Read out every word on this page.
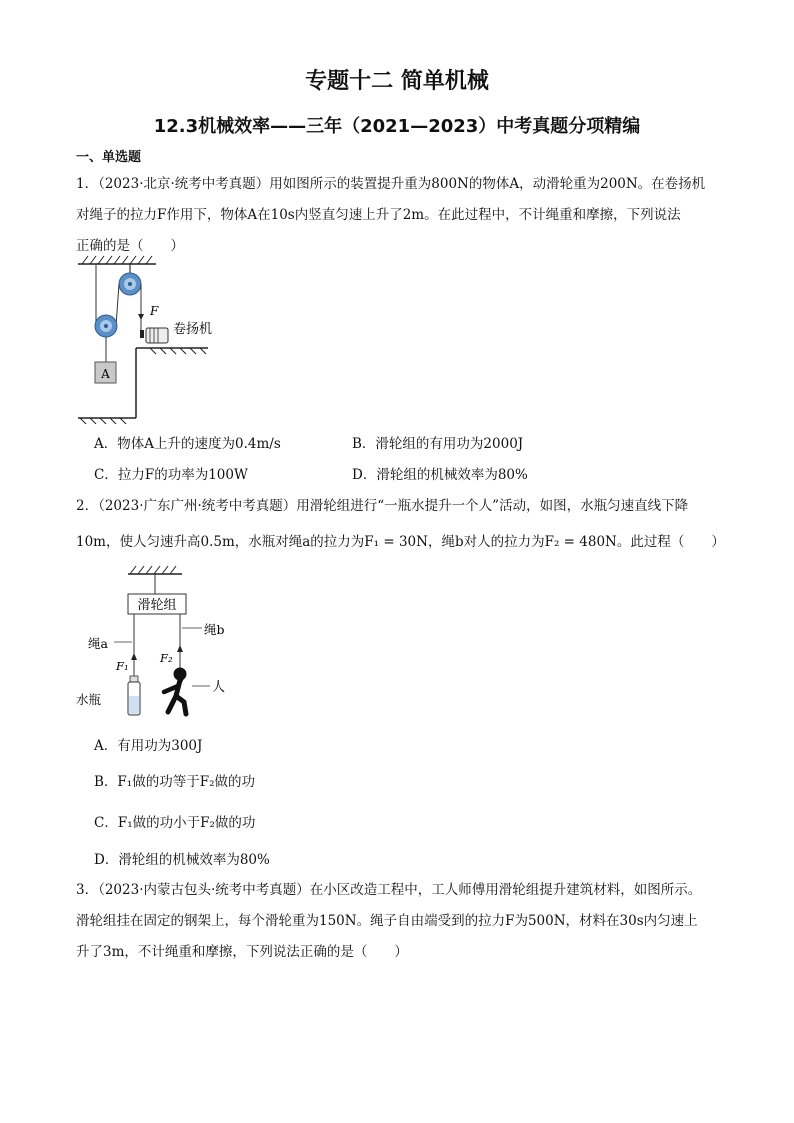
专题十二 简单机械
12.3机械效率——三年（2021—2023）中考真题分项精编
一、单选题
1．（2023·北京·统考中考真题）用如图所示的装置提升重为800N的物体A，动滑轮重为200N。在卷扬机
对绳子的拉力F作用下，物体A在10s内竖直匀速上升了2m。在此过程中，不计绳重和摩擦，下列说法
正确的是（　　）
A
F
卷扬机
A．物体A上升的速度为0.4m/s	B．滑轮组的有用功为2000J
C．拉力F的功率为100W	D．滑轮组的机械效率为80%
2．（2023·广东广州·统考中考真题）用滑轮组进行“一瓶水提升一个人”活动，如图，水瓶匀速直线下降
10m，使人匀速升高0.5m，水瓶对绳a的拉力为F₁ = 30N，绳b对人的拉力为F₂ = 480N。此过程（　　）
滑轮组
绳a
F₁
水瓶
绳b
F₂
人
A．有用功为300J
B．F₁做的功等于F₂做的功
C．F₁做的功小于F₂做的功
D．滑轮组的机械效率为80%
3．（2023·内蒙古包头·统考中考真题）在小区改造工程中，工人师傅用滑轮组提升建筑材料，如图所示。
滑轮组挂在固定的钢架上，每个滑轮重为150N。绳子自由端受到的拉力F为500N，材料在30s内匀速上
升了3m，不计绳重和摩擦，下列说法正确的是（　　）
